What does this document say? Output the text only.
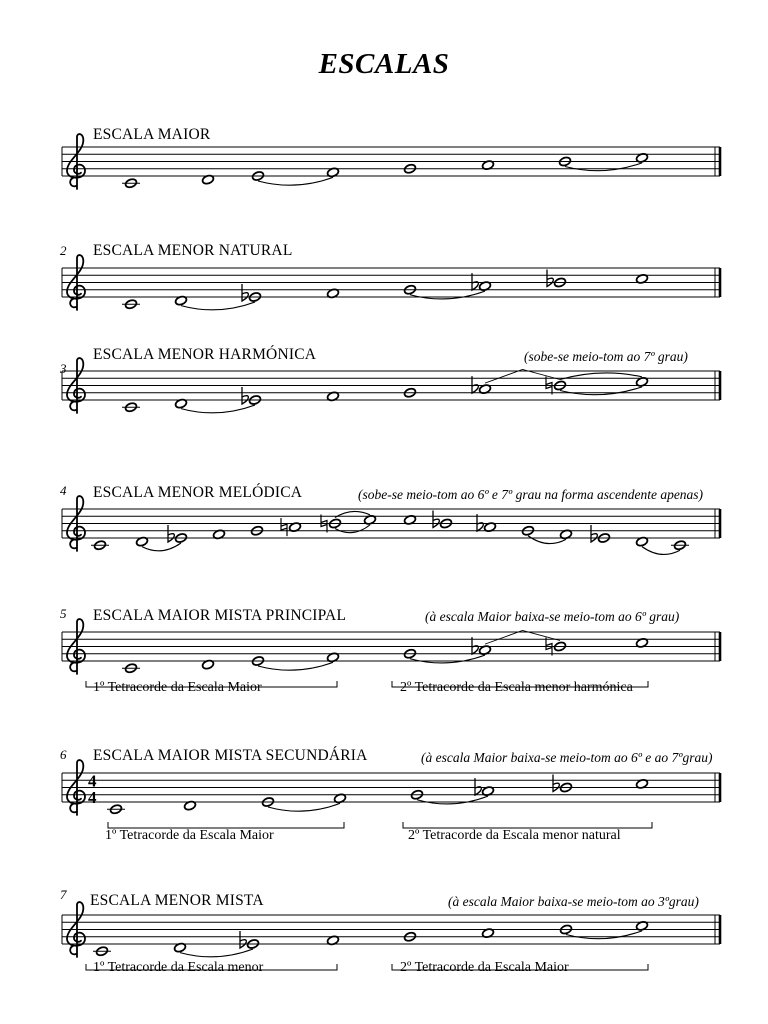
ESCALAS
ESCALA MAIOR
2 ESCALA MENOR NATURAL
3
ESCALA MENOR HARMÓNICA	(sobe-se meio-tom ao 7º grau)
4 ESCALA MENOR MELÓDICA	(sobe-se meio-tom ao 6º e 7º grau na forma ascendente apenas)
5 ESCALA MAIOR MISTA PRINCIPAL	(à escala Maior baixa-se meio-tom ao 6º grau)
1º Tetracorde da Escala Maior	2º Tetracorde da Escala menor harmónica
6 ESCALA MAIOR MISTA SECUNDÁRIA	(à escala Maior baixa-se meio-tom ao 6º e ao 7ºgrau)
1º Tetracorde da Escala Maior	2º Tetracorde da Escala menor natural
7 ESCALA MENOR MISTA	(à escala Maior baixa-se meio-tom ao 3ºgrau)
1º Tetracorde da Escala menor	2º Tetracorde da Escala Maior
4
4
